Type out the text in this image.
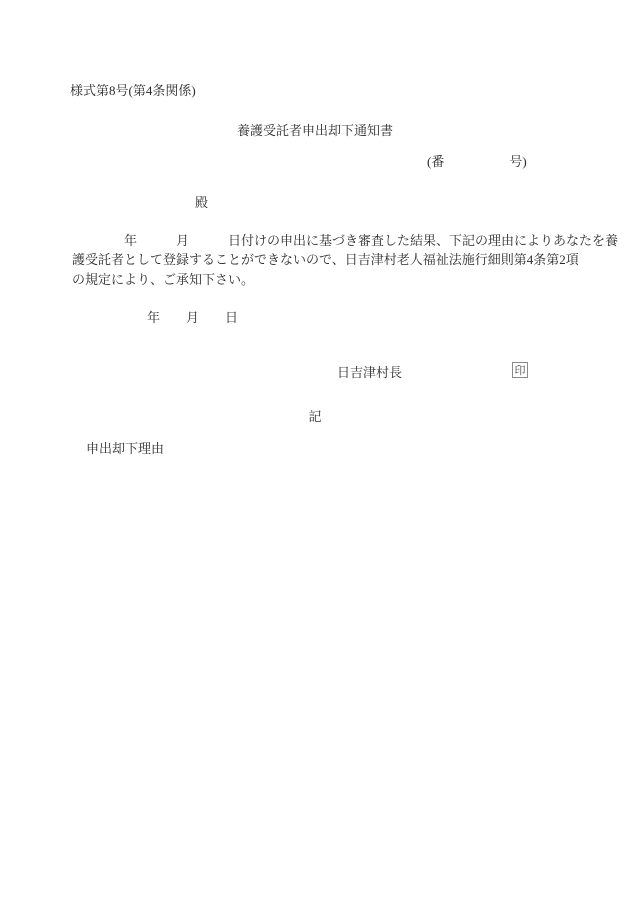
様式第8号(第4条関係)
養護受託者申出却下通知書
(番　　　　　号)
殿
　　　　年　　　月　　　日付けの申出に基づき審査した結果、下記の理由によりあなたを養
護受託者として登録することができないので、日吉津村老人福祉法施行細則第4条第2項
の規定により、ご承知下さい。
年　　月　　日
日吉津村長	印
記
申出却下理由
